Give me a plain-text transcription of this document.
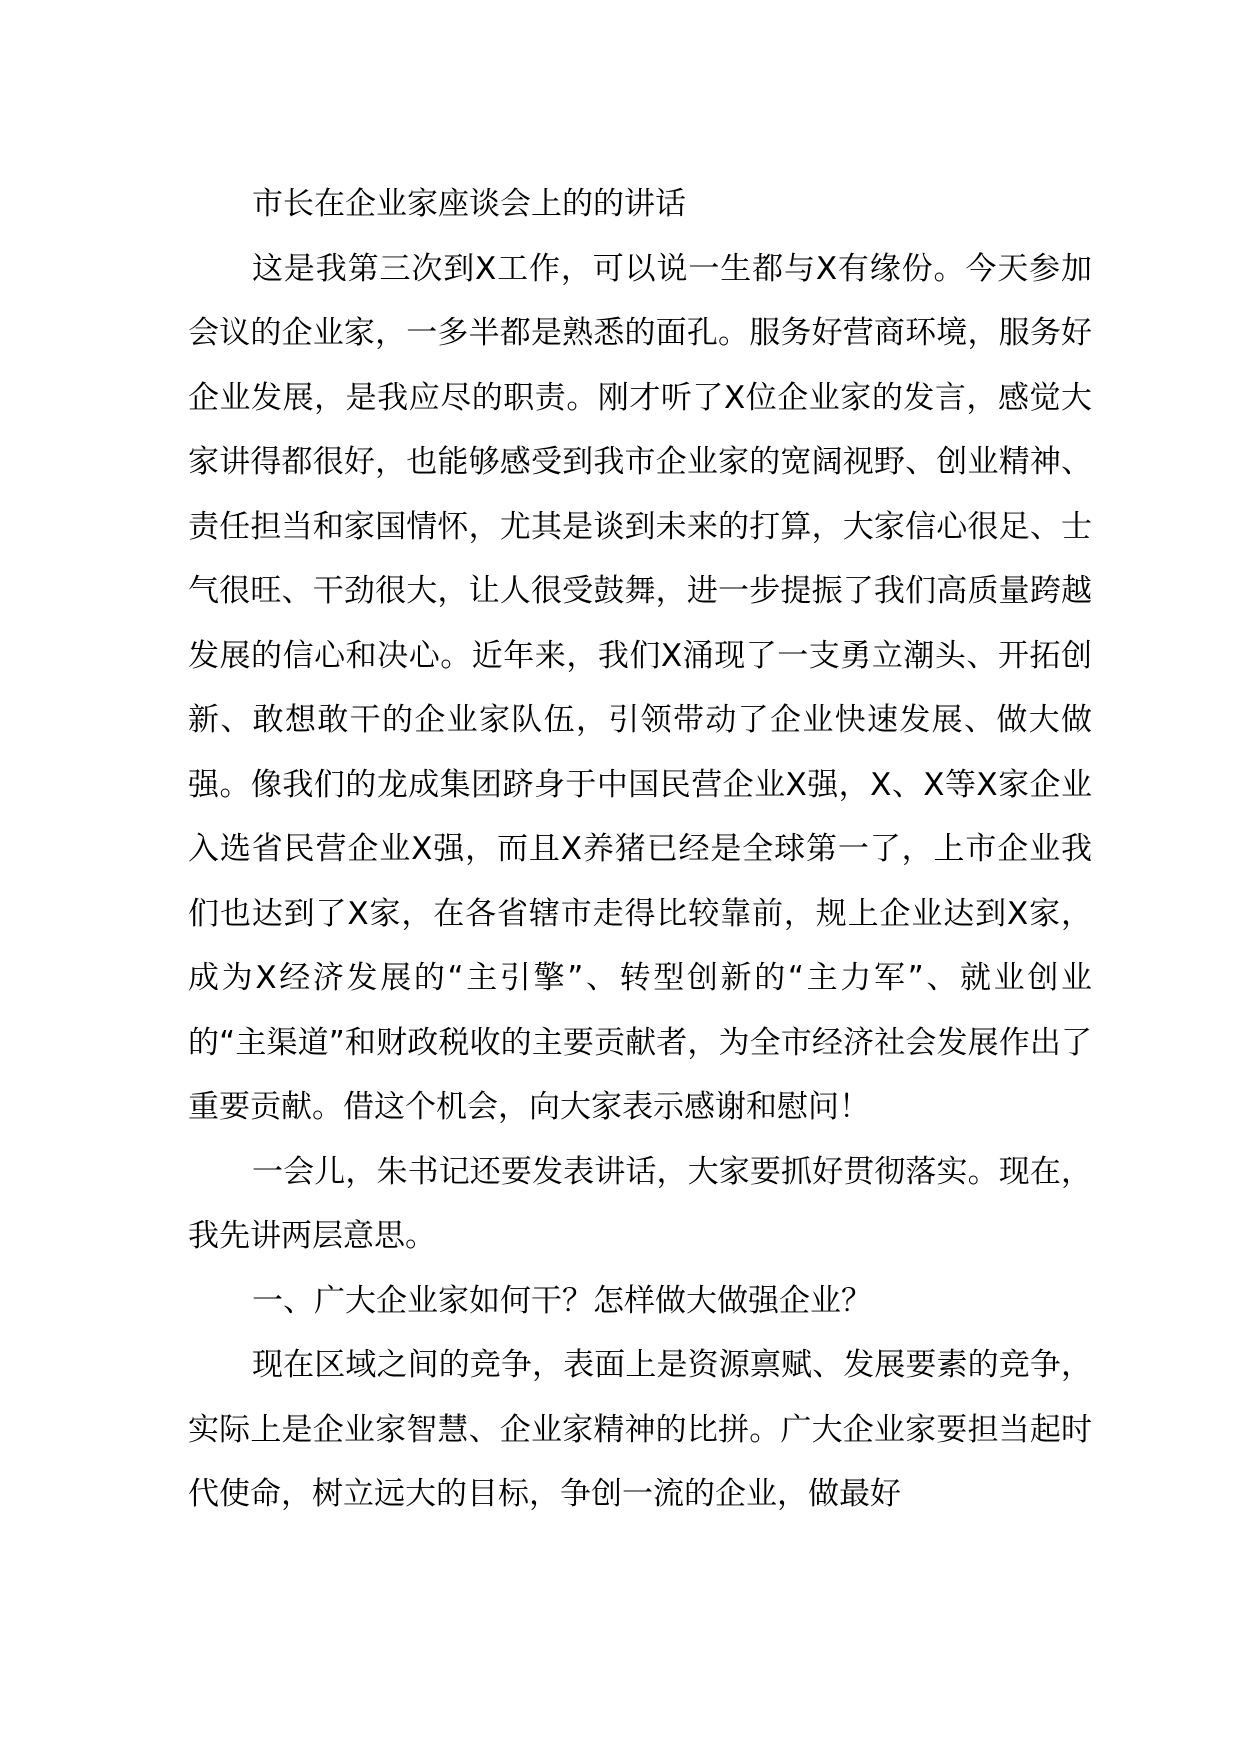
市长在企业家座谈会上的的讲话

这是我第三次到X工作，可以说一生都与X有缘份。今天参加会议的企业家，一多半都是熟悉的面孔。服务好营商环境，服务好企业发展，是我应尽的职责。刚才听了X位企业家的发言，感觉大家讲得都很好，也能够感受到我市企业家的宽阔视野、创业精神、责任担当和家国情怀，尤其是谈到未来的打算，大家信心很足、士气很旺、干劲很大，让人很受鼓舞，进一步提振了我们高质量跨越发展的信心和决心。近年来，我们X涌现了一支勇立潮头、开拓创新、敢想敢干的企业家队伍，引领带动了企业快速发展、做大做强。像我们的龙成集团跻身于中国民营企业X强，X、X等X家企业入选省民营企业X强，而且X养猪已经是全球第一了，上市企业我们也达到了X家，在各省辖市走得比较靠前，规上企业达到X家，成为X经济发展的“主引擎”、转型创新的“主力军”、就业创业的“主渠道”和财政税收的主要贡献者，为全市经济社会发展作出了重要贡献。借这个机会，向大家表示感谢和慰问！

一会儿，朱书记还要发表讲话，大家要抓好贯彻落实。现在，我先讲两层意思。

一、广大企业家如何干？怎样做大做强企业？

现在区域之间的竞争，表面上是资源禀赋、发展要素的竞争，实际上是企业家智慧、企业家精神的比拼。广大企业家要担当起时代使命，树立远大的目标，争创一流的企业，做最好
